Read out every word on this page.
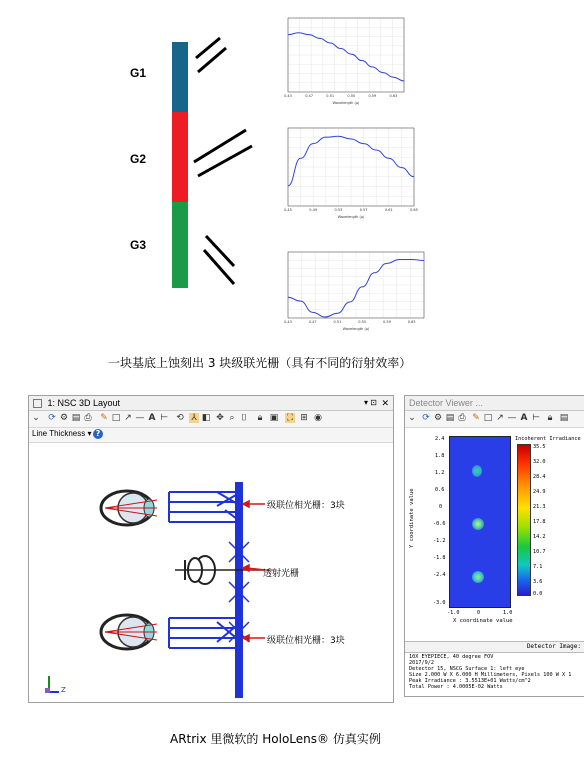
G1
G2
G3
0.43	0.47	0.51	0.55	0.59	0.63
Wavelength (µ)
0.45	0.49	0.53	0.57	0.61	0.65
Wavelength (µ)
0.43	0.47	0.51	0.55	0.59	0.63
Wavelength (µ)
一块基底上蚀刻出 3 块级联光栅（具有不同的衍射效率）
1: NSC 3D Layout	▾ ⊡ ✕
⌄ ⟳ ⚙ ▤ ⎙ ✎ □ ↗ — A ⊢ ⟲ ⅄ ◧ ✥ ⌕ ⌷ 🔒︎ ▣ ⛶ ⊞ ◉
Line Thickness ▾ ?
级联位相光栅：3块
透射光栅
级联位相光栅：3块
Z
Detector Viewer ...
⌄ ⟳ ⚙ ▤ ⎙ ✎ □ ↗ — A ⊢ 🔒︎ ▤
Y coordinate value
2.4
1.8
1.2
0.6
0
-0.6
-1.2
-1.8
-2.4
-3.0
-1.0	0	1.0
X coordinate value
Incoherent Irradiance
35.5
32.0
28.4
24.9
21.3
17.8
14.2
10.7
7.1
3.6
0.0
Detector Image:
10X EYEPIECE, 40 degree FOV
2017/9/2
Detector 15, NSCG Surface 1: left eye
Size 2.000 W X 6.000 H Millimeters, Pixels 100 W X 1
Peak Irradiance : 3.5513E+01 Watts/cm^2
Total Power : 4.0005E-02 Watts
ARtrix 里微软的 HoloLens® 仿真实例
